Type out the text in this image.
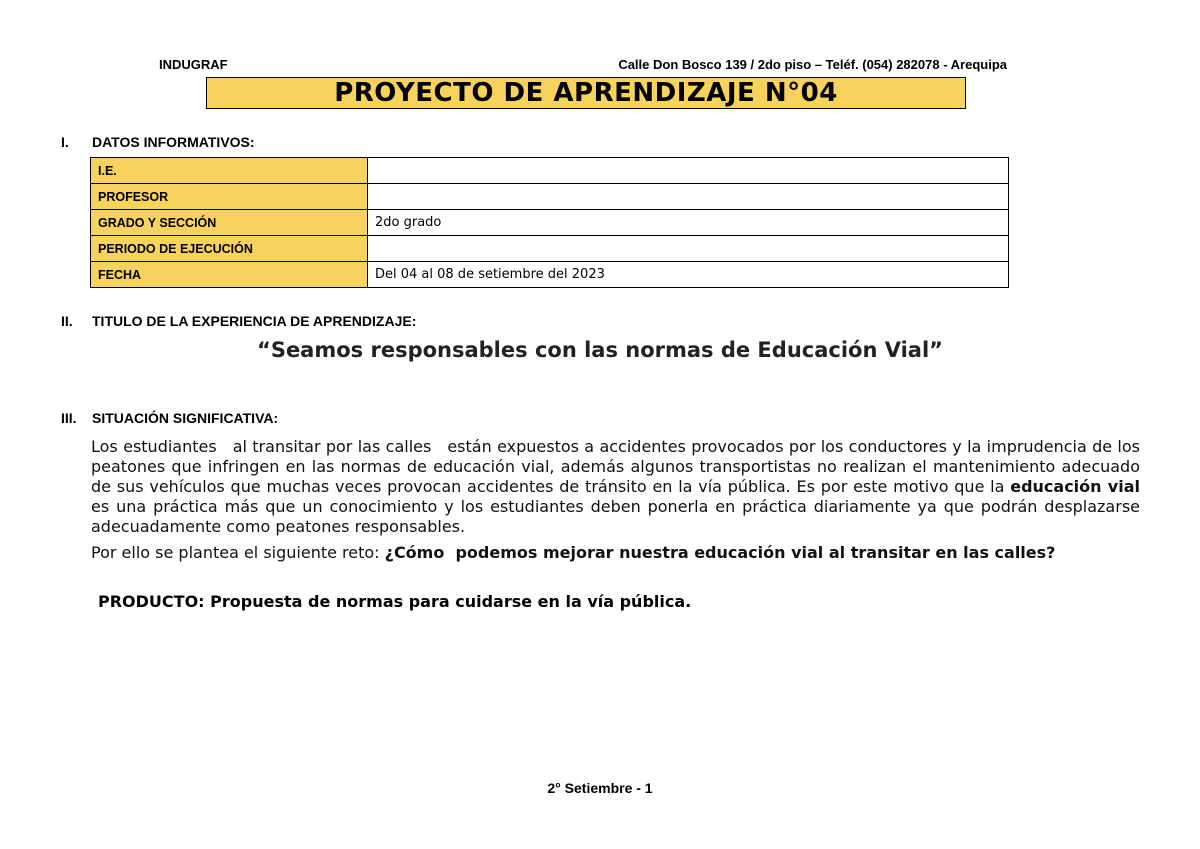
INDUGRAF	Calle Don Bosco 139 / 2do piso – Teléf. (054) 282078 - Arequipa
PROYECTO DE APRENDIZAJE N°04
I. DATOS INFORMATIVOS:
I.E.	
PROFESOR	
GRADO Y SECCIÓN	2do grado
PERIODO DE EJECUCIÓN	
FECHA	Del 04 al 08 de setiembre del 2023
II. TITULO DE LA EXPERIENCIA DE APRENDIZAJE:
“Seamos responsables con las normas de Educación Vial”
III. SITUACIÓN SIGNIFICATIVA:
Los estudiantes   al transitar por las calles   están expuestos a accidentes provocados por los conductores y la imprudencia de los peatones que infringen en las normas de educación vial, además algunos transportistas no realizan el mantenimiento adecuado de sus vehículos que muchas veces provocan accidentes de tránsito en la vía pública. Es por este motivo que la educación vial es una práctica más que un conocimiento y los estudiantes deben ponerla en práctica diariamente ya que podrán desplazarse adecuadamente como peatones responsables.
Por ello se plantea el siguiente reto: ¿Cómo  podemos mejorar nuestra educación vial al transitar en las calles?
PRODUCTO: Propuesta de normas para cuidarse en la vía pública.
2° Setiembre - 1
